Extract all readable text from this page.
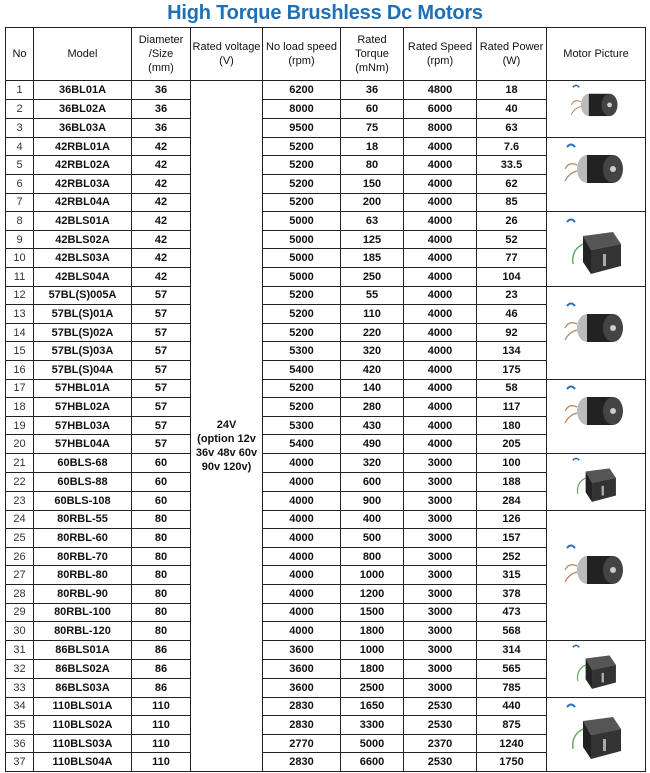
High Torque Brushless Dc Motors
No	Model	Diameter
/Size
(mm)	Rated voltage
(V)	No load speed
(rpm)	Rated
Torque
(mNm)	Rated Speed
(rpm)	Rated Power
(W)	Motor Picture
1	36BL01A	36	24V
(option 12v
36v 48v 60v
90v 120v)	6200	36	4800	18	

2	36BL02A	36		8000	60	6000	40	
3	36BL03A	36		9500	75	8000	63	
4	42RBL01A	42		5200	18	4000	7.6	

5	42RBL02A	42		5200	80	4000	33.5	
6	42RBL03A	42		5200	150	4000	62	
7	42RBL04A	42		5200	200	4000	85	
8	42BLS01A	42		5000	63	4000	26	

9	42BLS02A	42		5000	125	4000	52	
10	42BLS03A	42		5000	185	4000	77	
11	42BLS04A	42		5000	250	4000	104	
12	57BL(S)005A	57		5200	55	4000	23	

13	57BL(S)01A	57		5200	110	4000	46	
14	57BL(S)02A	57		5200	220	4000	92	
15	57BL(S)03A	57		5300	320	4000	134	
16	57BL(S)04A	57		5400	420	4000	175	
17	57HBL01A	57		5200	140	4000	58	

18	57HBL02A	57		5200	280	4000	117	
19	57HBL03A	57		5300	430	4000	180	
20	57HBL04A	57		5400	490	4000	205	
21	60BLS-68	60		4000	320	3000	100	

22	60BLS-88	60		4000	600	3000	188	
23	60BLS-108	60		4000	900	3000	284	
24	80RBL-55	80		4000	400	3000	126	

25	80RBL-60	80		4000	500	3000	157	
26	80RBL-70	80		4000	800	3000	252	
27	80RBL-80	80		4000	1000	3000	315	
28	80RBL-90	80		4000	1200	3000	378	
29	80RBL-100	80		4000	1500	3000	473	
30	80RBL-120	80		4000	1800	3000	568	
31	86BLS01A	86		3600	1000	3000	314	

32	86BLS02A	86		3600	1800	3000	565	
33	86BLS03A	86		3600	2500	3000	785	
34	110BLS01A	110		2830	1650	2530	440	

35	110BLS02A	110		2830	3300	2530	875	
36	110BLS03A	110		2770	5000	2370	1240	
37	110BLS04A	110		2830	6600	2530	1750	
